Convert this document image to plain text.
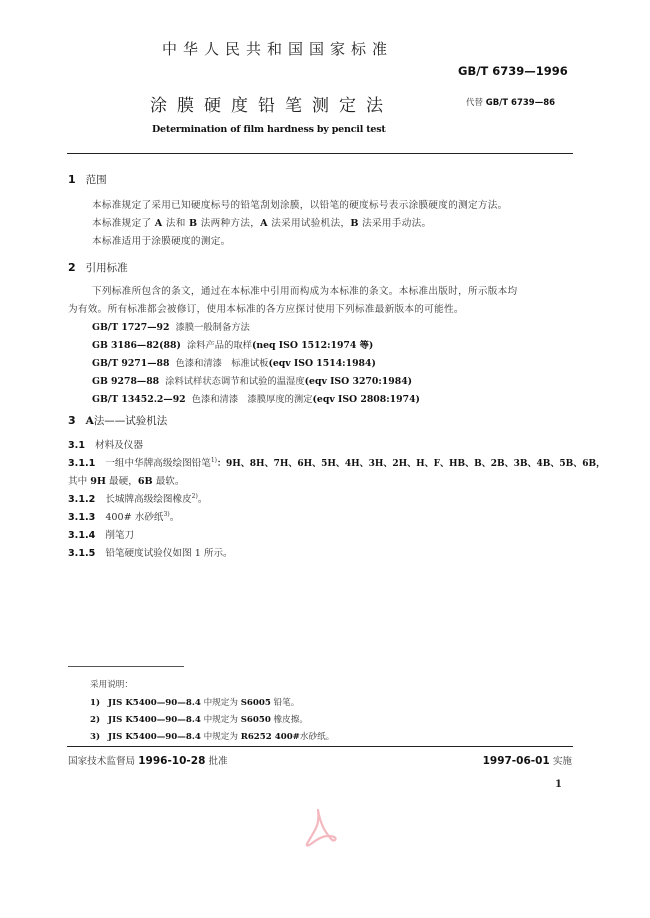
中华人民共和国国家标准
GB/T 6739—1996
涂膜硬度铅笔测定法	代替 GB/T 6739—86
Determination of film hardness by pencil test
1 范围
本标准规定了采用已知硬度标号的铅笔刮划涂膜，以铅笔的硬度标号表示涂膜硬度的测定方法。
本标准规定了 A 法和 B 法两种方法，A 法采用试验机法，B 法采用手动法。
本标准适用于涂膜硬度的测定。
2 引用标准
下列标准所包含的条文，通过在本标准中引用而构成为本标准的条文。本标准出版时，所示版本均
为有效。所有标准都会被修订，使用本标准的各方应探讨使用下列标准最新版本的可能性。
GB/T 1727—92 漆膜一般制备方法
GB 3186—82(88) 涂料产品的取样(neq ISO 1512:1974 等)
GB/T 9271—88 色漆和清漆　标准试板(eqv ISO 1514:1984)
GB 9278—88 涂料试样状态调节和试验的温湿度(eqv ISO 3270:1984)
GB/T 13452.2—92 色漆和清漆　漆膜厚度的测定(eqv ISO 2808:1974)
3 A法——试验机法
3.1 材料及仪器
3.1.1 一组中华牌高级绘图铅笔$^{1)}$：9H、8H、7H、6H、5H、4H、3H、2H、H、F、HB、B、2B、3B、4B、5B、6B，
其中 9H 最硬，6B 最软。
3.1.2 长城牌高级绘图橡皮$^{2)}$。
3.1.3 400# 水砂纸$^{3)}$。
3.1.4 削笔刀
3.1.5 铅笔硬度试验仪如图 1 所示。
采用说明：
1) JIS K5400—90—8.4 中规定为 S6005 铅笔。
2) JIS K5400—90—8.4 中规定为 S6050 橡皮擦。
3) JIS K5400—90—8.4 中规定为 R6252 400#水砂纸。
国家技术监督局 1996-10-28 批准	1997-06-01 实施
1
